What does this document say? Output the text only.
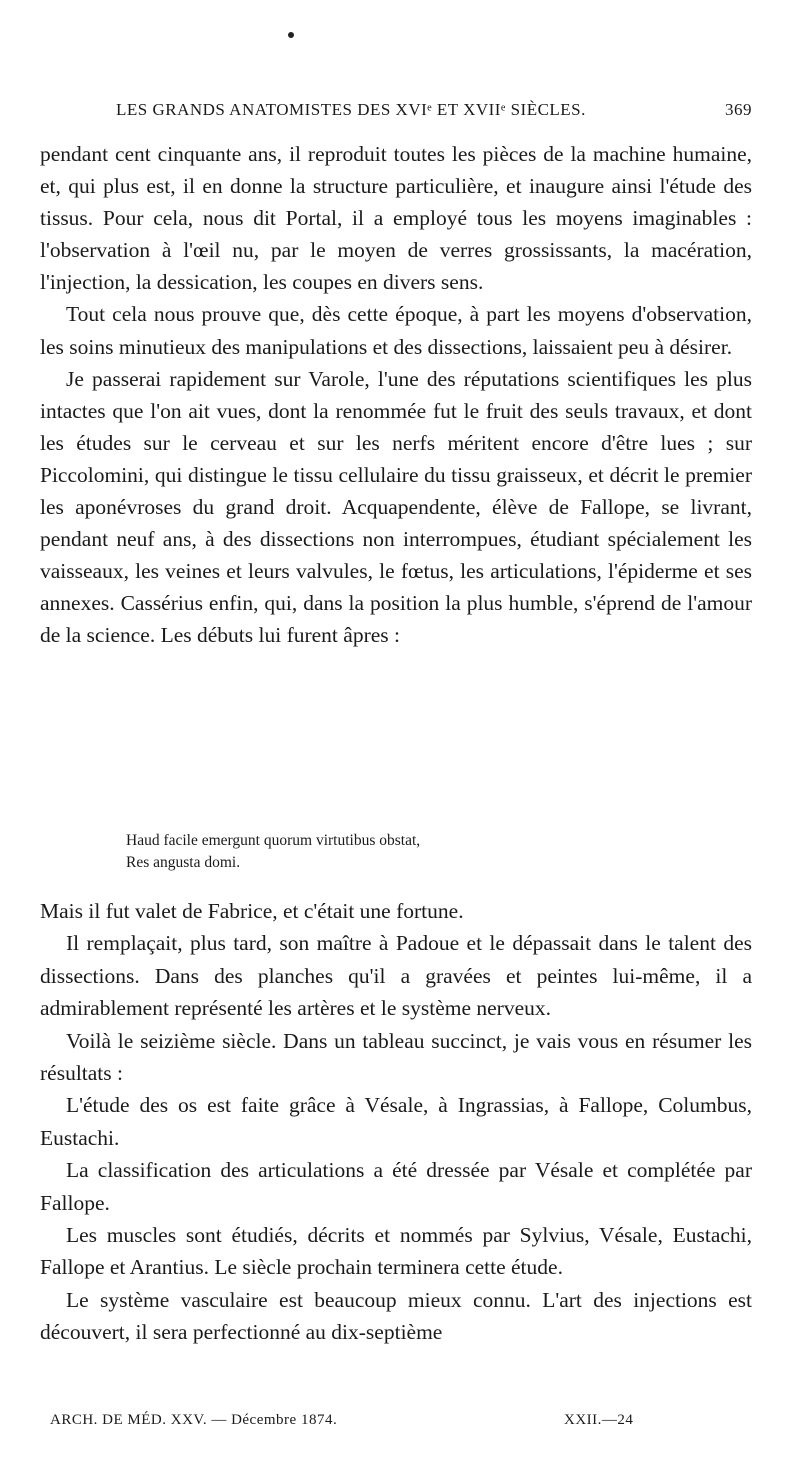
LES GRANDS ANATOMISTES DES XVIᵉ ET XVIIᵉ SIÈCLES.	369

pendant cent cinquante ans, il reproduit toutes les pièces de la machine humaine, et, qui plus est, il en donne la structure particulière, et inaugure ainsi l'étude des tissus. Pour cela, nous dit Portal, il a employé tous les moyens imaginables : l'observation à l'œil nu, par le moyen de verres grossissants, la macération, l'injection, la dessication, les coupes en divers sens.

Tout cela nous prouve que, dès cette époque, à part les moyens d'observation, les soins minutieux des manipulations et des dissections, laissaient peu à désirer.

Je passerai rapidement sur Varole, l'une des réputations scientifiques les plus intactes que l'on ait vues, dont la renommée fut le fruit des seuls travaux, et dont les études sur le cerveau et sur les nerfs méritent encore d'être lues ; sur Piccolomini, qui distingue le tissu cellulaire du tissu graisseux, et décrit le premier les aponévroses du grand droit. Acquapendente, élève de Fallope, se livrant, pendant neuf ans, à des dissections non interrompues, étudiant spécialement les vaisseaux, les veines et leurs valvules, le fœtus, les articulations, l'épiderme et ses annexes. Cassérius enfin, qui, dans la position la plus humble, s'éprend de l'amour de la science. Les débuts lui furent âpres :

Haud facile emergunt quorum virtutibus obstat,
Res angusta domi.

Mais il fut valet de Fabrice, et c'était une fortune.

Il remplaçait, plus tard, son maître à Padoue et le dépassait dans le talent des dissections. Dans des planches qu'il a gravées et peintes lui-même, il a admirablement représenté les artères et le système nerveux.

Voilà le seizième siècle. Dans un tableau succinct, je vais vous en résumer les résultats :

L'étude des os est faite grâce à Vésale, à Ingrassias, à Fallope, Columbus, Eustachi.

La classification des articulations a été dressée par Vésale et complétée par Fallope.

Les muscles sont étudiés, décrits et nommés par Sylvius, Vésale, Eustachi, Fallope et Arantius. Le siècle prochain terminera cette étude.

Le système vasculaire est beaucoup mieux connu. L'art des injections est découvert, il sera perfectionné au dix-septième

ARCH. DE MÉD. XXV. — Décembre 1874.	XXII.—24
